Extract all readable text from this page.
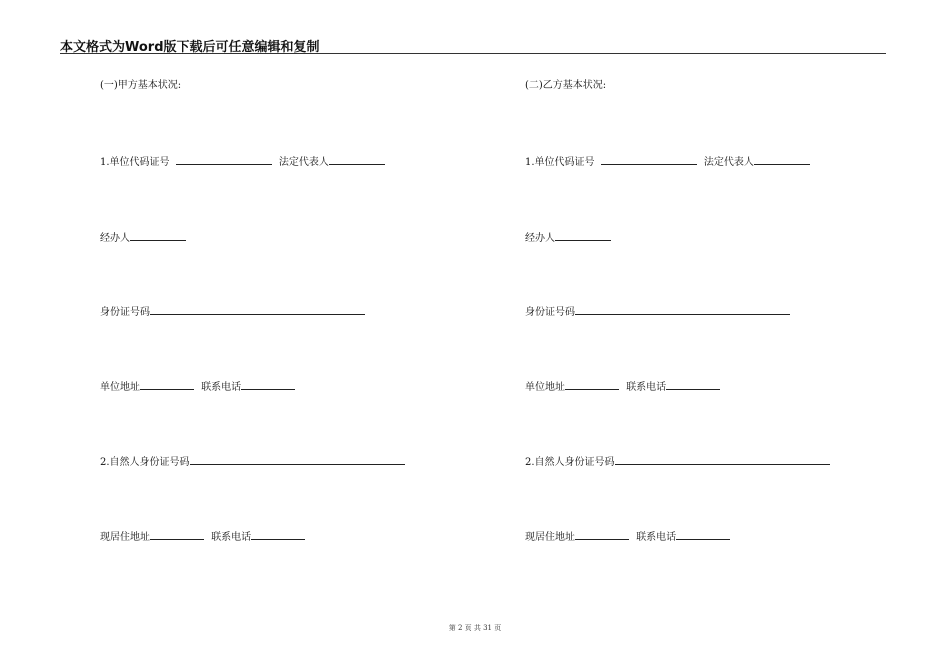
本文格式为Word版下载后可任意编辑和复制
(一)甲方基本状况:
1.单位代码证号	法定代表人
经办人
身份证号码
单位地址	联系电话
2.自然人身份证号码
现居住地址	联系电话
(二)乙方基本状况:
1.单位代码证号	法定代表人
经办人
身份证号码
单位地址	联系电话
2.自然人身份证号码
现居住地址	联系电话
第 2 页 共 31 页
